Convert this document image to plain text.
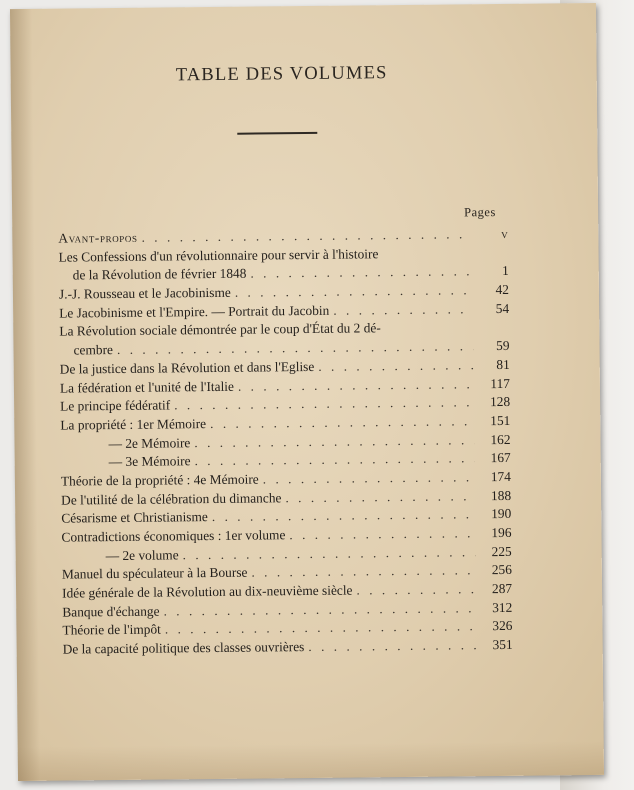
TABLE DES VOLUMES
Pages
Avant-propos . . .	v
Les Confessions d'un révolutionnaire pour servir à l'histoire
de la Révolution de février 1848 . . .	1
J.-J. Rousseau et le Jacobinisme . . .	42
Le Jacobinisme et l'Empire. — Portrait du Jacobin . . .	54
La Révolution sociale démontrée par le coup d'État du 2 dé-
cembre . . .	59
De la justice dans la Révolution et dans l'Eglise . . .	81
La fédération et l'unité de l'Italie . . .	117
Le principe fédératif . . .	128
La propriété : 1er Mémoire . . .	151
— 2e Mémoire . . .	162
— 3e Mémoire . . .	167
Théorie de la propriété : 4e Mémoire . . .	174
De l'utilité de la célébration du dimanche . . .	188
Césarisme et Christianisme . . .	190
Contradictions économiques : 1er volume . . .	196
— 2e volume . . .	225
Manuel du spéculateur à la Bourse . . .	256
Idée générale de la Révolution au dix-neuvième siècle . . .	287
Banque d'échange . . .	312
Théorie de l'impôt . . .	326
De la capacité politique des classes ouvrières . . .	351
